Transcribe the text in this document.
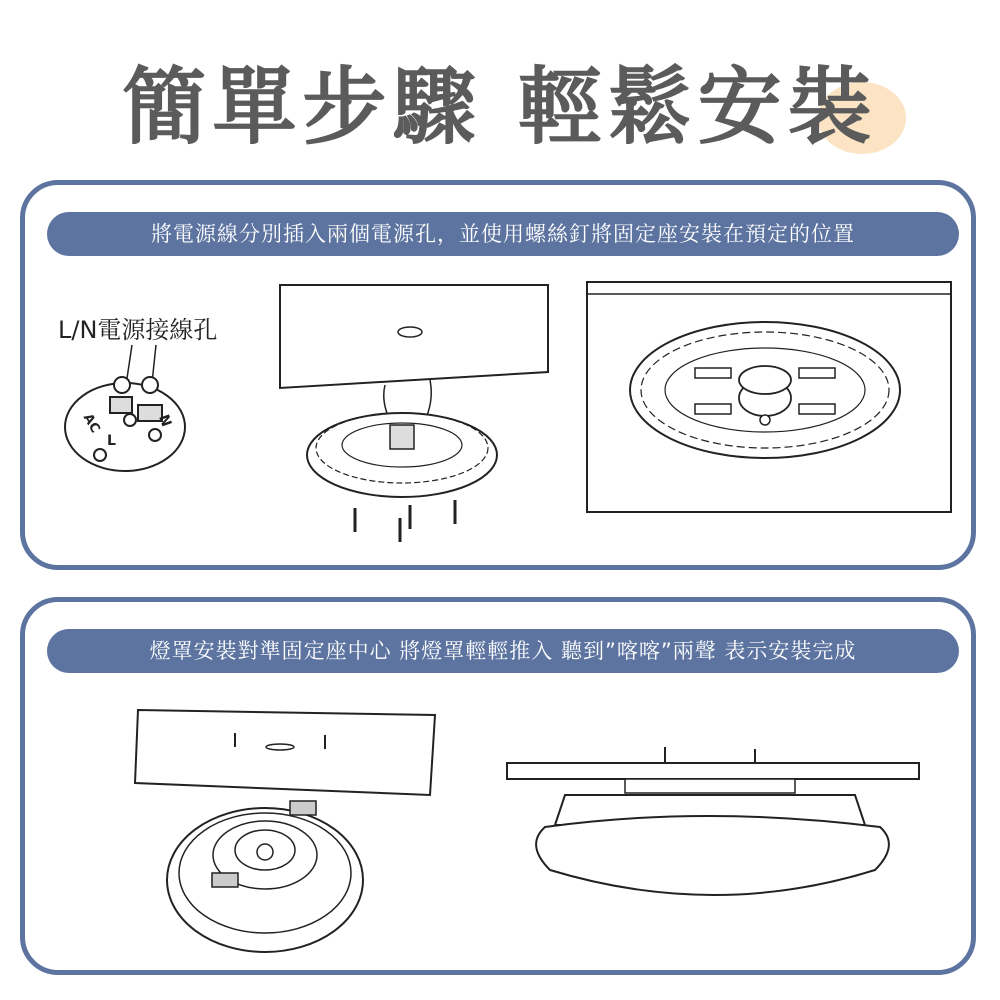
簡單步驟 輕鬆安裝
將電源線分別插入兩個電源孔，並使用螺絲釘將固定座安裝在預定的位置
L/N電源接線孔
AC
L
N
燈罩安裝對準固定座中心 將燈罩輕輕推入 聽到”喀喀”兩聲 表示安裝完成
